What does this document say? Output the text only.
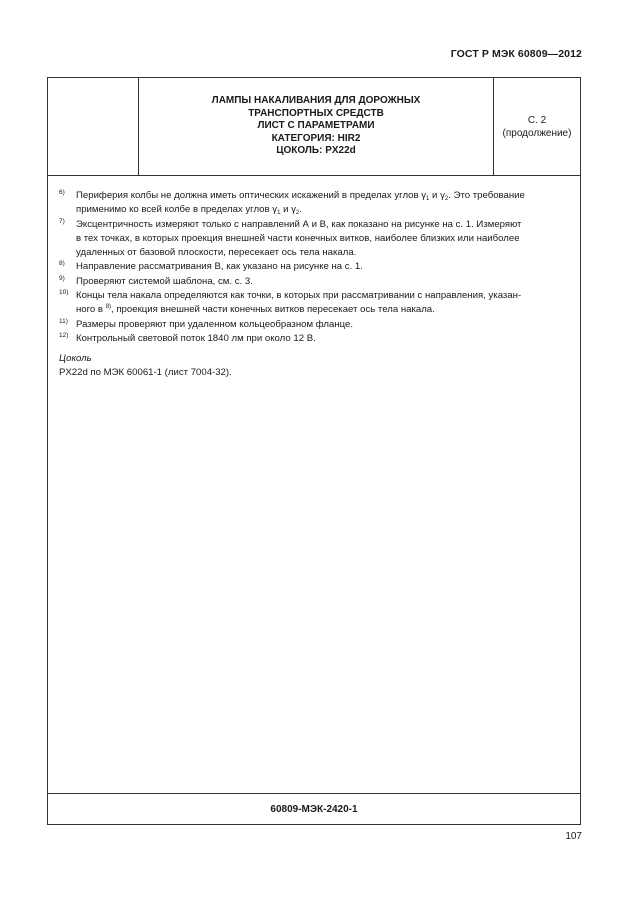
ГОСТ Р МЭК 60809—2012
ЛАМПЫ НАКАЛИВАНИЯ ДЛЯ ДОРОЖНЫХ
ТРАНСПОРТНЫХ СРЕДСТВ
ЛИСТ С ПАРАМЕТРАМИ
КАТЕГОРИЯ: HIR2
ЦОКОЛЬ: PX22d
С. 2
(продолжение)
6) Периферия колбы не должна иметь оптических искажений в пределах углов $\gamma_1$ и $\gamma_2$. Это требование
применимо ко всей колбе в пределах углов $\gamma_1$ и $\gamma_2$.
7) Эксцентричность измеряют только с направлений А и В, как показано на рисунке на с. 1. Измеряют
в тех точках, в которых проекция внешней части конечных витков, наиболее близких или наиболее
удаленных от базовой плоскости, пересекает ось тела накала.
8) Направление рассматривания В, как указано на рисунке на с. 1.
9) Проверяют системой шаблона, см. с. 3.
10) Концы тела накала определяются как точки, в которых при рассматривании с направления, указан-
ного в $^{8)}$, проекция внешней части конечных витков пересекает ось тела накала.
11) Размеры проверяют при удаленном кольцеобразном фланце.
12) Контрольный световой поток 1840 лм при около 12 В.
Цоколь
PX22d по МЭК 60061-1 (лист 7004-32).
60809-МЭК-2420-1
107
